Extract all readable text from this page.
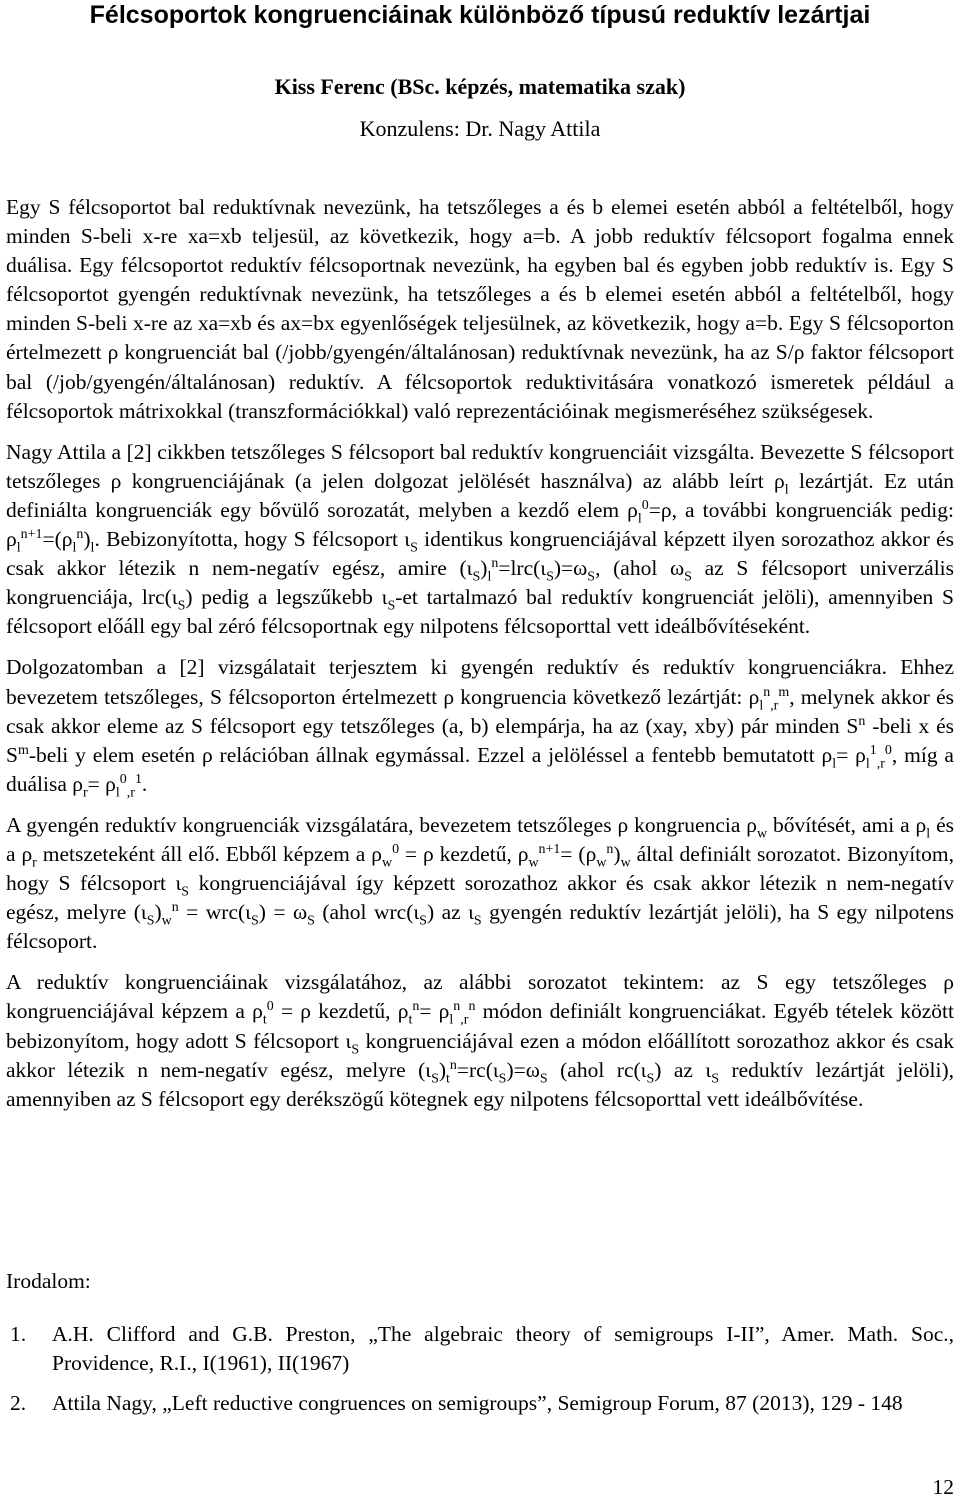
Félcsoportok kongruenciáinak különböző típusú reduktív lezártjai
Kiss Ferenc (BSc. képzés, matematika szak)
Konzulens: Dr. Nagy Attila

Egy S félcsoportot bal reduktívnak nevezünk, ha tetszőleges a és b elemei esetén abból a feltételből, hogy minden S-beli x-re xa=xb teljesül, az következik, hogy a=b. A jobb reduktív félcsoport fogalma ennek duálisa. Egy félcsoportot reduktív félcsoportnak nevezünk, ha egyben bal és egyben jobb reduktív is. Egy S félcsoportot gyengén reduktívnak nevezünk, ha tetszőleges a és b elemei esetén abból a feltételből, hogy minden S-beli x-re az xa=xb és ax=bx egyenlőségek teljesülnek, az következik, hogy a=b. Egy S félcsoporton értelmezett ρ kongruenciát bal (/jobb/gyengén/általánosan) reduktívnak nevezünk, ha az S/ρ faktor félcsoport bal (/job/gyengén/általánosan) reduktív. A félcsoportok reduktivitására vonatkozó ismeretek például a félcsoportok mátrixokkal (transzformációkkal) való reprezentációinak megismeréséhez szükségesek.

Nagy Attila a [2] cikkben tetszőleges S félcsoport bal reduktív kongruenciáit vizsgálta. Bevezette S félcsoport tetszőleges ρ kongruenciájának (a jelen dolgozat jelölését használva) az alább leírt $\rho_l$ lezártját. Ez után definiálta kongruenciák egy bővülő sorozatát, melyben a kezdő elem $\rho_l^0=\rho$, a további kongruenciák pedig: $\rho_l^{n+1}=(\rho_l^n)_l$. Bebizonyította, hogy S félcsoport $\iota_S$ identikus kongruenciájával képzett ilyen sorozathoz akkor és csak akkor létezik n nem-negatív egész, amire $(\iota_S)_l^n=lrc(\iota_S)=\omega_S$, (ahol $\omega_S$ az S félcsoport univerzális kongruenciája, $lrc(\iota_S)$ pedig a legszűkebb $\iota_S-et$ tartalmazó bal reduktív kongruenciát jelöli), amennyiben S félcsoport előáll egy bal zéró félcsoportnak egy nilpotens félcsoporttal vett ideálbővítéseként.

Dolgozatomban a [2] vizsgálatait terjesztem ki gyengén reduktív és reduktív kongruenciákra. Ehhez bevezetem tetszőleges, S félcsoporton értelmezett ρ kongruencia következő lezártját: $\rho_l^n_{,r}^m$, melynek akkor és csak akkor eleme az S félcsoport egy tetszőleges (a, b) elempárja, ha az (xay, xby) pár minden $S^n$ -beli x és $S^m$-beli y elem esetén ρ relációban állnak egymással. Ezzel a jelöléssel a fentebb bemutatott $\rho_l= \rho_l^1_{,r}^0$, míg a duálisa $\rho_r= \rho_l^0_{,r}^1$.

A gyengén reduktív kongruenciák vizsgálatára, bevezetem tetszőleges ρ kongruencia $\rho_w$ bővítését, ami a $\rho_l$ és a $\rho_r$ metszeteként áll elő. Ebből képzem a $\rho_w^0 = \rho$ kezdetű, $\rho_w^{n+1}= (\rho_w^n)_w$ által definiált sorozatot. Bizonyítom, hogy S félcsoport $\iota_S$ kongruenciájával így képzett sorozathoz akkor és csak akkor létezik n nem-negatív egész, melyre $(\iota_S)_w^n = wrc(\iota_S) = \omega_S$ (ahol $wrc(\iota_S)$ az $\iota_S$ gyengén reduktív lezártját jelöli), ha S egy nilpotens félcsoport.

A reduktív kongruenciáinak vizsgálatához, az alábbi sorozatot tekintem: az S egy tetszőleges ρ kongruenciájával képzem a $\rho_t^0 = \rho$ kezdetű, $\rho_t^n= \rho_l^n_{,r}^n$ módon definiált kongruenciákat. Egyéb tételek között bebizonyítom, hogy adott S félcsoport $\iota_S$ kongruenciájával ezen a módon előállított sorozathoz akkor és csak akkor létezik n nem-negatív egész, melyre $(\iota_S)_t^n=rc(\iota_S)=\omega_S$ (ahol $rc(\iota_S)$ az $\iota_S$ reduktív lezártját jelöli), amennyiben az S félcsoport egy derékszögű kötegnek egy nilpotens félcsoporttal vett ideálbővítése.

Irodalom:
1.	A.H. Clifford and G.B. Preston, „The algebraic theory of semigroups I-II”, Amer. Math. Soc., Providence, R.I., I(1961), II(1967)
2.	Attila Nagy, „Left reductive congruences on semigroups”, Semigroup Forum, 87 (2013), 129 - 148
12
